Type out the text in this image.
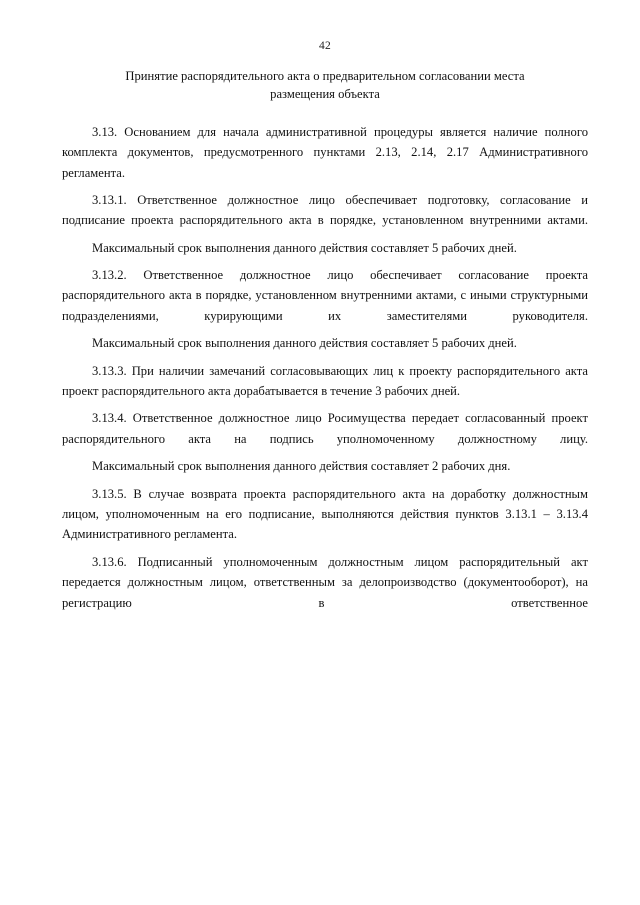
42
Принятие распорядительного акта о предварительном согласовании места
размещения объекта

3.13. Основанием для начала административной процедуры является наличие полного комплекта документов, предусмотренного пунктами 2.13, 2.14, 2.17 Административного регламента.

3.13.1. Ответственное должностное лицо обеспечивает подготовку, согласование и подписание проекта распорядительного акта в порядке, установленном внутренними актами.

Максимальный срок выполнения данного действия составляет 5 рабочих дней.

3.13.2. Ответственное должностное лицо обеспечивает согласование проекта распорядительного акта в порядке, установленном внутренними актами, с иными структурными подразделениями, курирующими их заместителями руководителя.

Максимальный срок выполнения данного действия составляет 5 рабочих дней.

3.13.3. При наличии замечаний согласовывающих лиц к проекту распорядительного акта проект распорядительного акта дорабатывается в течение 3 рабочих дней.

3.13.4. Ответственное должностное лицо Росимущества передает согласованный проект распорядительного акта на подпись уполномоченному должностному лицу.

Максимальный срок выполнения данного действия составляет 2 рабочих дня.

3.13.5. В случае возврата проекта распорядительного акта на доработку должностным лицом, уполномоченным на его подписание, выполняются действия пунктов 3.13.1 – 3.13.4 Административного регламента.

3.13.6. Подписанный уполномоченным должностным лицом распорядительный акт передается должностным лицом, ответственным за делопроизводство (документооборот), на регистрацию в ответственное
